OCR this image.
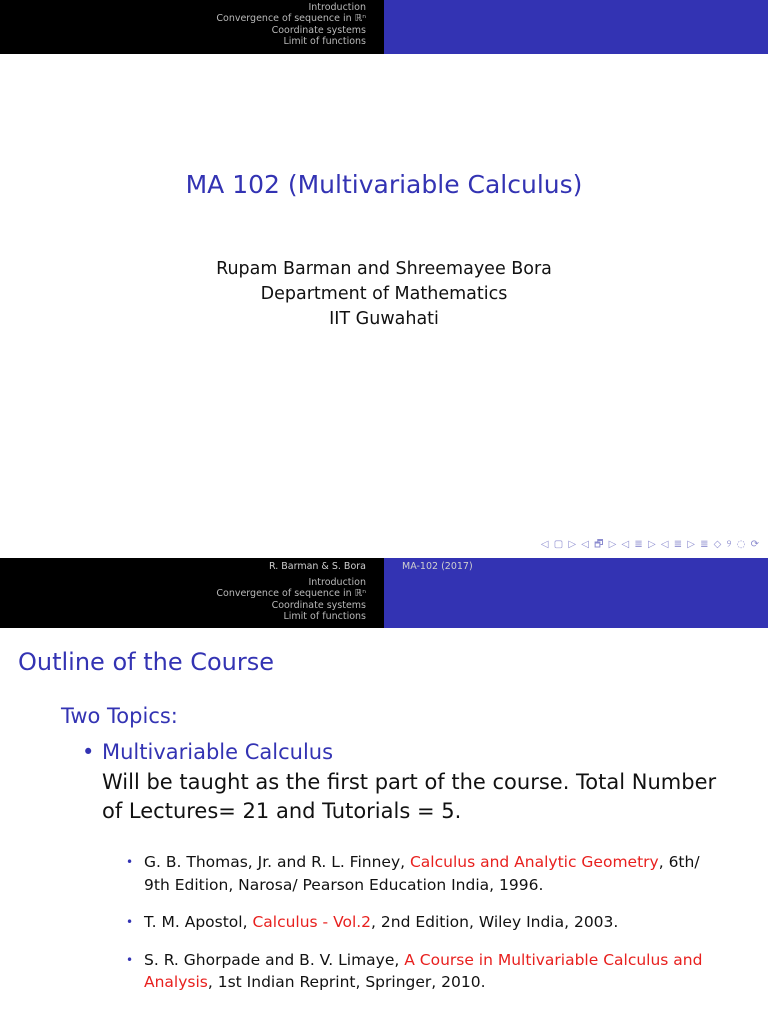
Introduction
Convergence of sequence in ℝⁿ
Coordinate systems
Limit of functions
MA 102 (Multivariable Calculus)
Rupam Barman and Shreemayee Bora
Department of Mathematics
IIT Guwahati
◁ ▢ ▷ ◁ 🗗 ▷ ◁ ≣ ▷ ◁ ≣ ▷ ≣ ◇ ୨ ◌ ⟳
R. Barman & S. Bora
Introduction
Convergence of sequence in ℝⁿ
Coordinate systems
Limit of functions
MA-102 (2017)
Outline of the Course
Two Topics:
• Multivariable Calculus
Will be taught as the first part of the course. Total Number of Lectures= 21 and Tutorials = 5.
• G. B. Thomas, Jr. and R. L. Finney, Calculus and Analytic Geometry, 6th/ 9th Edition, Narosa/ Pearson Education India, 1996.
• T. M. Apostol, Calculus - Vol.2, 2nd Edition, Wiley India, 2003.
• S. R. Ghorpade and B. V. Limaye, A Course in Multivariable Calculus and Analysis, 1st Indian Reprint, Springer, 2010.
